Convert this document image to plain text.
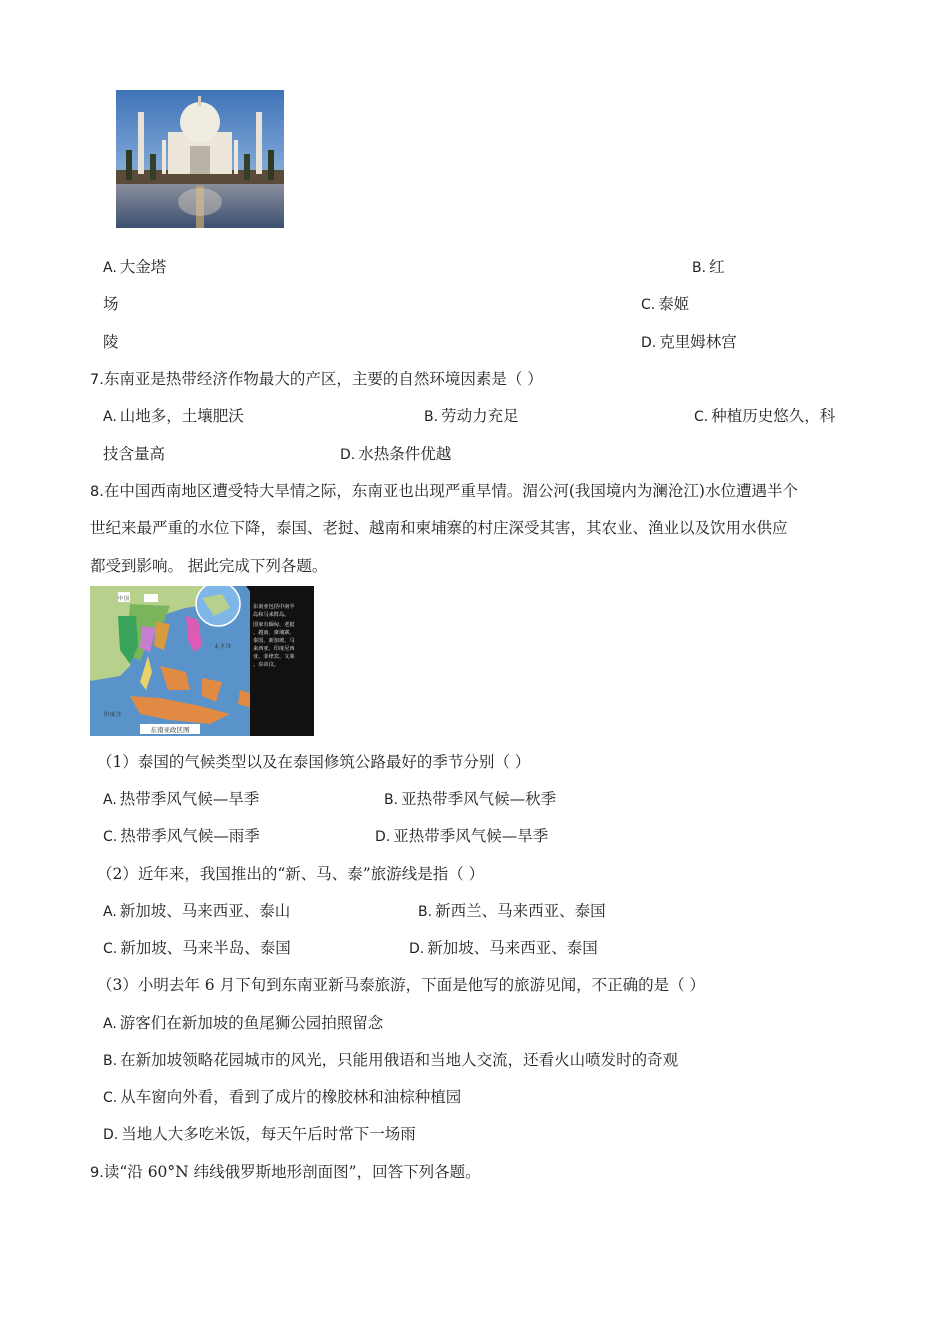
A. 大金塔	B. 红
场	C. 泰姬
陵	D. 克里姆林宫
7.东南亚是热带经济作物最大的产区，主要的自然环境因素是（ ）
A. 山地多，土壤肥沃	B. 劳动力充足	C. 种植历史悠久，科
技含量高	D. 水热条件优越
8.在中国西南地区遭受特大旱情之际，东南亚也出现严重旱情。湄公河(我国境内为澜沧江)水位遭遇半个
世纪来最严重的水位下降，泰国、老挝、越南和柬埔寨的村庄深受其害，其农业、渔业以及饮用水供应
都受到影响。 据此完成下列各题。
东南亚政区图
东南亚包括中南半
岛和马来群岛。
国家有缅甸、老挝
、越南、柬埔寨、
泰国、新加坡、马
来西亚、印度尼西
亚、菲律宾、文莱
、东帝汶。
中 国
太 平 洋
印 度 洋
（1）泰国的气候类型以及在泰国修筑公路最好的季节分别（ ）
A. 热带季风气候—旱季	B. 亚热带季风气候—秋季
C. 热带季风气候—雨季	D. 亚热带季风气候—旱季
（2）近年来，我国推出的“新、马、泰”旅游线是指（ ）
A. 新加坡、马来西亚、泰山	B. 新西兰、马来西亚、泰国
C. 新加坡、马来半岛、泰国	D. 新加坡、马来西亚、泰国
（3）小明去年 6 月下旬到东南亚新马泰旅游，下面是他写的旅游见闻，不正确的是（ ）
A. 游客们在新加坡的鱼尾狮公园拍照留念
B. 在新加坡领略花园城市的风光，只能用俄语和当地人交流，还看火山喷发时的奇观
C. 从车窗向外看，看到了成片的橡胶林和油棕种植园
D. 当地人大多吃米饭，每天午后时常下一场雨
9.读“沿 60°N 纬线俄罗斯地形剖面图”，回答下列各题。
